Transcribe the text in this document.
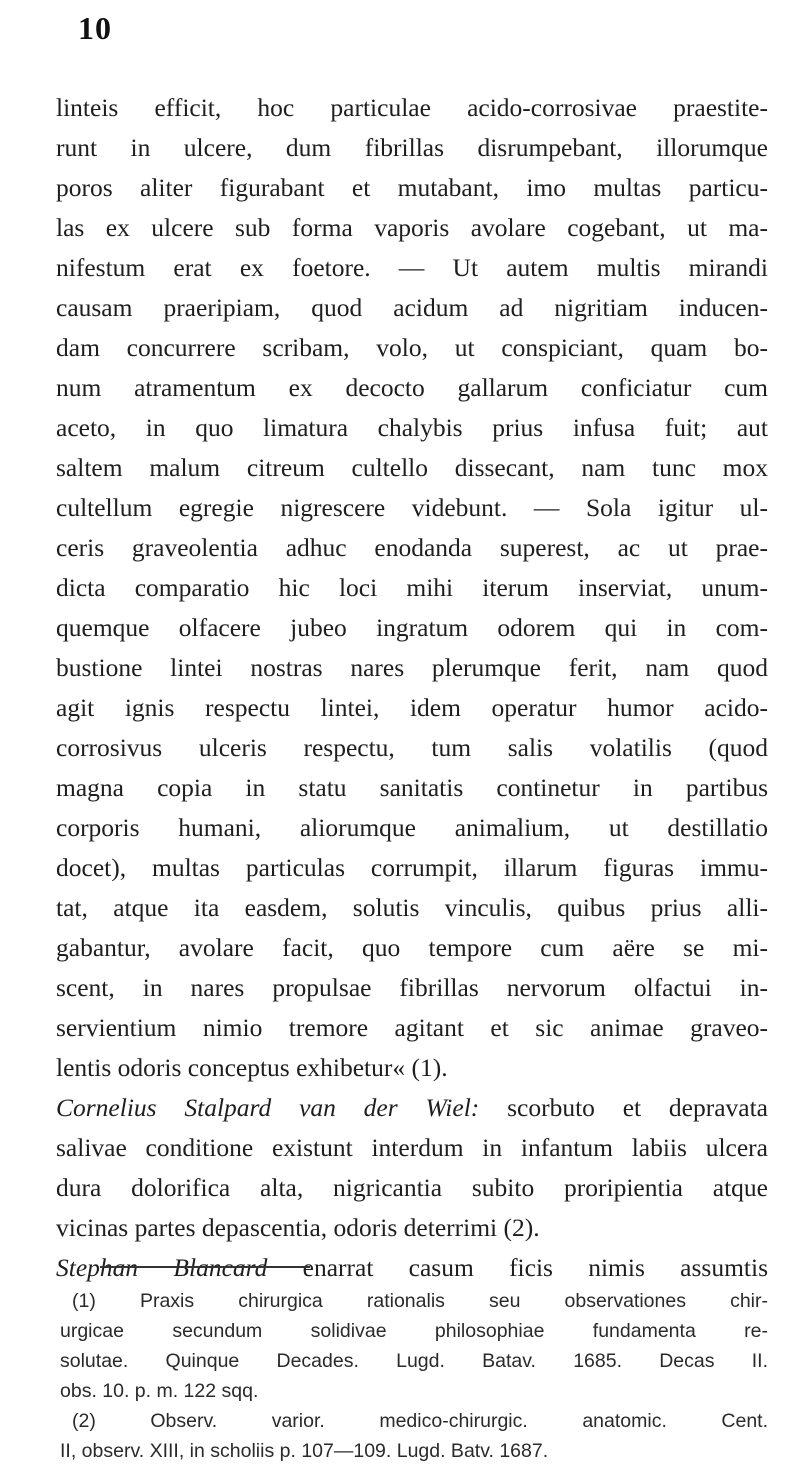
10
linteis efficit, hoc particulae acido-corrosivae praestite-
runt in ulcere, dum fibrillas disrumpebant, illorumque
poros aliter figurabant et mutabant, imo multas particu-
las ex ulcere sub forma vaporis avolare cogebant, ut ma-
nifestum erat ex foetore. — Ut autem multis mirandi
causam praeripiam, quod acidum ad nigritiam inducen-
dam concurrere scribam, volo, ut conspiciant, quam bo-
num atramentum ex decocto gallarum conficiatur cum
aceto, in quo limatura chalybis prius infusa fuit; aut
saltem malum citreum cultello dissecant, nam tunc mox
cultellum egregie nigrescere videbunt. — Sola igitur ul-
ceris graveolentia adhuc enodanda superest, ac ut prae-
dicta comparatio hic loci mihi iterum inserviat, unum-
quemque olfacere jubeo ingratum odorem qui in com-
bustione lintei nostras nares plerumque ferit, nam quod
agit ignis respectu lintei, idem operatur humor acido-
corrosivus ulceris respectu, tum salis volatilis (quod
magna copia in statu sanitatis continetur in partibus
corporis humani, aliorumque animalium, ut destillatio
docet), multas particulas corrumpit, illarum figuras immu-
tat, atque ita easdem, solutis vinculis, quibus prius alli-
gabantur, avolare facit, quo tempore cum aëre se mi-
scent, in nares propulsae fibrillas nervorum olfactui in-
servientium nimio tremore agitant et sic animae graveo-
lentis odoris conceptus exhibetur« (1).
Cornelius Stalpard van der Wiel: scorbuto et depravata
salivae conditione existunt interdum in infantum labiis ulcera
dura dolorifica alta, nigricantia subito proripientia atque
vicinas partes depascentia, odoris deterrimi (2).
Stephan Blancard enarrat casum ficis nimis assumtis
(1) Praxis chirurgica rationalis seu observationes chir-
urgicae secundum solidivae philosophiae fundamenta re-
solutae. Quinque Decades. Lugd. Batav. 1685. Decas II.
obs. 10. p. m. 122 sqq.
(2) Observ. varior. medico-chirurgic. anatomic. Cent.
II, observ. XIII, in scholiis p. 107—109. Lugd. Batv. 1687.
